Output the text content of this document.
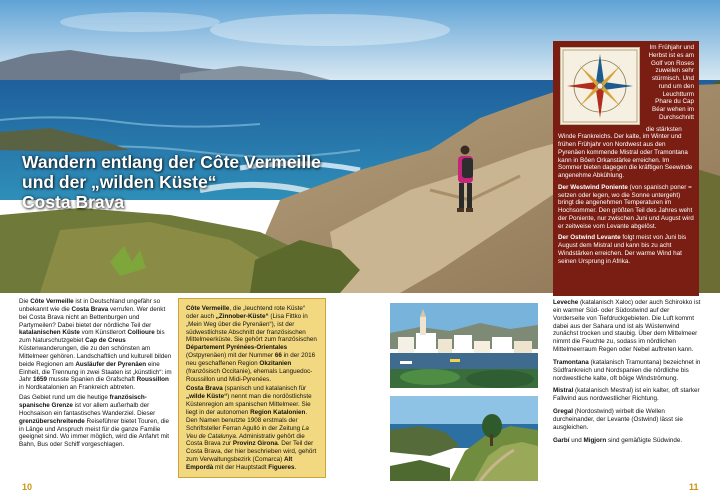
Wandern entlang der Côte Vermeille
und der „wilden Küste“
Costa Brava

Im Frühjahr und Herbst ist es am Golf von Roses zuweilen sehr stürmisch. Und rund um den Leuchtturm Phare du Cap Béar wehen im Durchschnitt

die stärksten Winde Frankreichs. Der kalte, im Winter und frühen Frühjahr von Nordwest aus den Pyrenäen kommende Mistral oder Tramontana kann in Böen Orkanstärke erreichen. Im Sommer bieten dagegen die kräftigen Seewinde angenehme Abkühlung.

Der Westwind Poniente (von spanisch poner = setzen oder legen, wo die Sonne untergeht) bringt die angenehmen Temperaturen im Hochsommer. Den größten Teil des Jahres weht der Poniente, nur zwischen Juni und August wird er zeitweise vom Levante abgelöst.

Der Ostwind Levante folgt meist von Juni bis August dem Mistral und kann bis zu acht Windstärken erreichen. Der warme Wind hat seinen Ursprung in Afrika.

Die Côte Vermeille ist in Deutschland ungefähr so unbekannt wie die Costa Brava verrufen. Wer denkt bei Costa Brava nicht an Bettenburgen und Partymeilen? Dabei bietet der nördliche Teil der katalanischen Küste vom Künstlerort Collioure bis zum Naturschutzgebiet Cap de Creus Küstenwanderungen, die zu den schönsten am Mittelmeer gehören. Landschaftlich und kulturell bilden beide Regionen am Ausläufer der Pyrenäen eine Einheit, die Trennung in zwei Staaten ist „künstlich“: im Jahr 1659 musste Spanien die Grafschaft Roussillon in Nordkatalonien an Frankreich abtreten.

Das Gebiet rund um die heutige französisch-spanische Grenze ist vor allem außerhalb der Hochsaison ein fantastisches Wanderziel. Dieser grenzüberschreitende Reiseführer bietet Touren, die in Länge und Anspruch meist für die ganze Familie geeignet sind. Wo immer möglich, wird die Anfahrt mit Bahn, Bus oder Schiff vorgeschlagen.

Côte Vermeille, die „leuchtend rote Küste“ oder auch „Zinnober-Küste“ (Lisa Fittko in „Mein Weg über die Pyrenäen“), ist der südwestlichste Abschnitt der französischen Mittelmeerküste. Sie gehört zum französischen Département Pyrénées-Orientales (Ostpyrenäen) mit der Nummer 66 in der 2016 neu geschaffenen Region Okzitanien (französisch Occitanie), ehemals Languedoc-Roussillon und Midi-Pyrenées.

Costa Brava (spanisch und katalanisch für „wilde Küste“) nennt man die nordöstlichste Küstenregion am spanischen Mittelmeer. Sie liegt in der autonomen Region Katalonien. Den Namen benutzte 1908 erstmals der Schriftsteller Ferran Agulló in der Zeitung La Veu de Catalunya. Administrativ gehört die Costa Brava zur Provinz Girona. Der Teil der Costa Brava, der hier beschrieben wird, gehört zum Verwaltungsbezirk (Comarca) Alt Empordà mit der Hauptstadt Figueres.

Leveche (katalanisch Xaloc) oder auch Schirokko ist ein warmer Süd- oder Südostwind auf der Vorderseite von Tiefdruckgebieten. Die Luft kommt dabei aus der Sahara und ist als Wüstenwind zunächst trocken und staubig. Über dem Mittelmeer nimmt die Feuchte zu, sodass im nördlichen Mittelmeerraum Regen oder Nebel auftreten kann.

Tramontana (katalanisch Tramuntana) bezeichnet in Südfrankreich und Nordspanien die nördliche bis nordwestliche kalte, oft böige Windströmung.

Mistral (katalanisch Mestral) ist ein kalter, oft starker Fallwind aus nordwestlicher Richtung.

Gregal (Nordostwind) wirbelt die Wellen durcheinander, der Levante (Ostwind) lässt sie ausgleichen.

Garbí und Migjorn sind gemäßigte Südwinde.

10	11
